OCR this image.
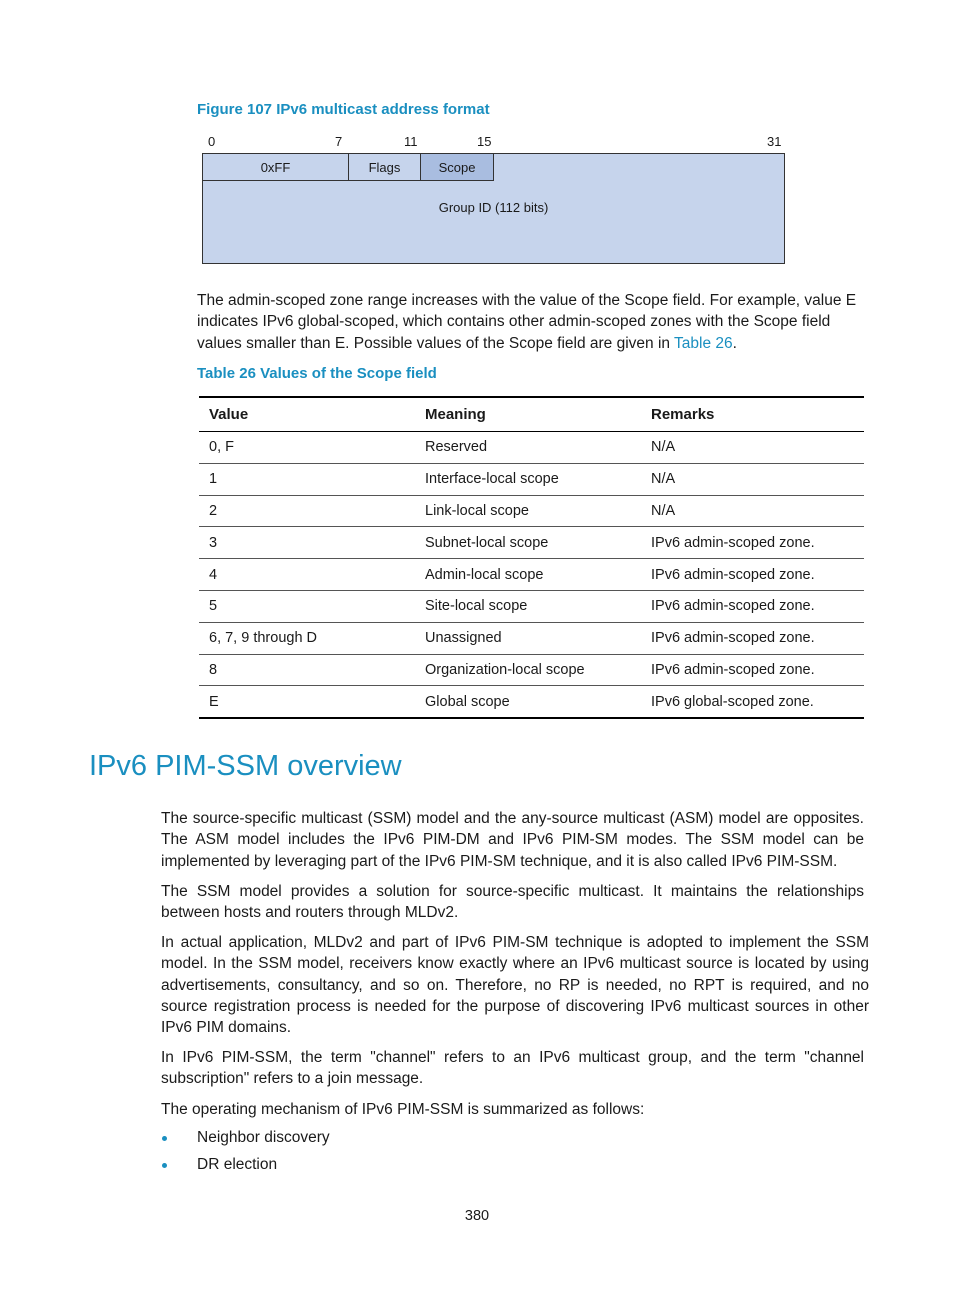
Figure 107 IPv6 multicast address format
0	7	11	15	31
Group ID (112 bits)
0xFF	Flags	Scope

The admin-scoped zone range increases with the value of the Scope field. For example, value E indicates IPv6 global-scoped, which contains other admin-scoped zones with the Scope field values smaller than E. Possible values of the Scope field are given in Table 26.

Table 26 Values of the Scope field
Value	Meaning	Remarks
0, F	Reserved	N/A
1	Interface-local scope	N/A
2	Link-local scope	N/A
3	Subnet-local scope	IPv6 admin-scoped zone.
4	Admin-local scope	IPv6 admin-scoped zone.
5	Site-local scope	IPv6 admin-scoped zone.
6, 7, 9 through D	Unassigned	IPv6 admin-scoped zone.
8	Organization-local scope	IPv6 admin-scoped zone.
E	Global scope	IPv6 global-scoped zone.
IPv6 PIM-SSM overview

The source-specific multicast (SSM) model and the any-source multicast (ASM) model are opposites. The ASM model includes the IPv6 PIM-DM and IPv6 PIM-SM modes. The SSM model can be implemented by leveraging part of the IPv6 PIM-SM technique, and it is also called IPv6 PIM-SSM.

The SSM model provides a solution for source-specific multicast. It maintains the relationships between hosts and routers through MLDv2.

In actual application, MLDv2 and part of IPv6 PIM-SM technique is adopted to implement the SSM model. In the SSM model, receivers know exactly where an IPv6 multicast source is located by using advertisements, consultancy, and so on. Therefore, no RP is needed, no RPT is required, and no source registration process is needed for the purpose of discovering IPv6 multicast sources in other IPv6 PIM domains.

In IPv6 PIM-SSM, the term "channel" refers to an IPv6 multicast group, and the term "channel subscription" refers to a join message.

The operating mechanism of IPv6 PIM-SSM is summarized as follows:

Neighbor discovery
DR election
380
